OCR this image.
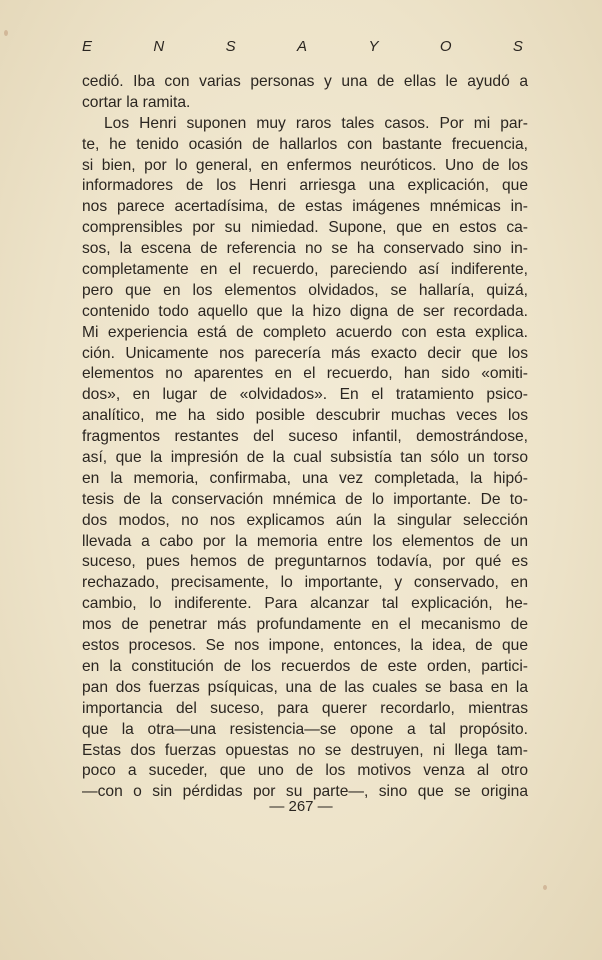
E	N	S	A	Y	O	S
cedió. Iba con varias personas y una de ellas le ayudó a
cortar la ramita.
Los Henri suponen muy raros tales casos. Por mi par-
te, he tenido ocasión de hallarlos con bastante frecuencia,
si bien, por lo general, en enfermos neuróticos. Uno de los
informadores de los Henri arriesga una explicación, que
nos parece acertadísima, de estas imágenes mnémicas in-
comprensibles por su nimiedad. Supone, que en estos ca-
sos, la escena de referencia no se ha conservado sino in-
completamente en el recuerdo, pareciendo así indiferente,
pero que en los elementos olvidados, se hallaría, quizá,
contenido todo aquello que la hizo digna de ser recordada.
Mi experiencia está de completo acuerdo con esta explica.
ción. Unicamente nos parecería más exacto decir que los
elementos no aparentes en el recuerdo, han sido «omiti-
dos», en lugar de «olvidados». En el tratamiento psico-
analítico, me ha sido posible descubrir muchas veces los
fragmentos restantes del suceso infantil, demostrándose,
así, que la impresión de la cual subsistía tan sólo un torso
en la memoria, confirmaba, una vez completada, la hipó-
tesis de la conservación mnémica de lo importante. De to-
dos modos, no nos explicamos aún la singular selección
llevada a cabo por la memoria entre los elementos de un
suceso, pues hemos de preguntarnos todavía, por qué es
rechazado, precisamente, lo importante, y conservado, en
cambio, lo indiferente. Para alcanzar tal explicación, he-
mos de penetrar más profundamente en el mecanismo de
estos procesos. Se nos impone, entonces, la idea, de que
en la constitución de los recuerdos de este orden, partici-
pan dos fuerzas psíquicas, una de las cuales se basa en la
importancia del suceso, para querer recordarlo, mientras
que la otra—una resistencia—se opone a tal propósito.
Estas dos fuerzas opuestas no se destruyen, ni llega tam-
poco a suceder, que uno de los motivos venza al otro
—con o sin pérdidas por su parte—, sino que se origina
— 267 —
